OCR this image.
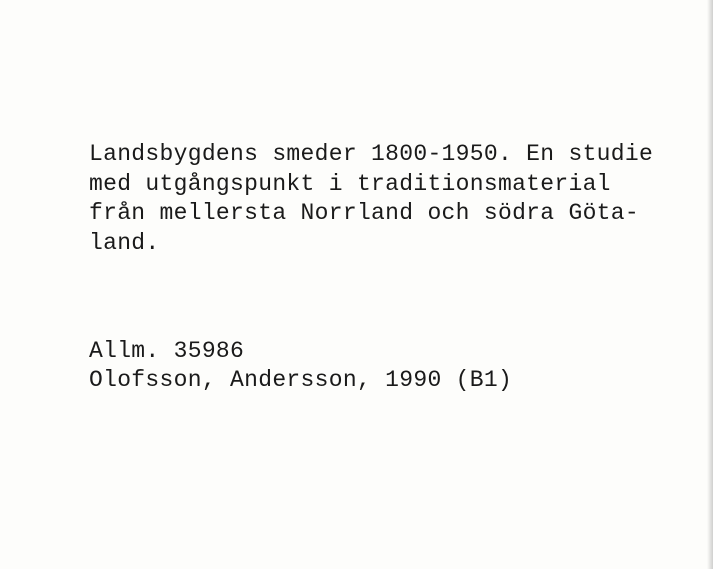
Landsbygdens smeder 1800-1950. En studie

med utgångspunkt i traditionsmaterial

från mellersta Norrland och södra Göta-

land.

Allm. 35986

Olofsson, Andersson, 1990 (B1)
